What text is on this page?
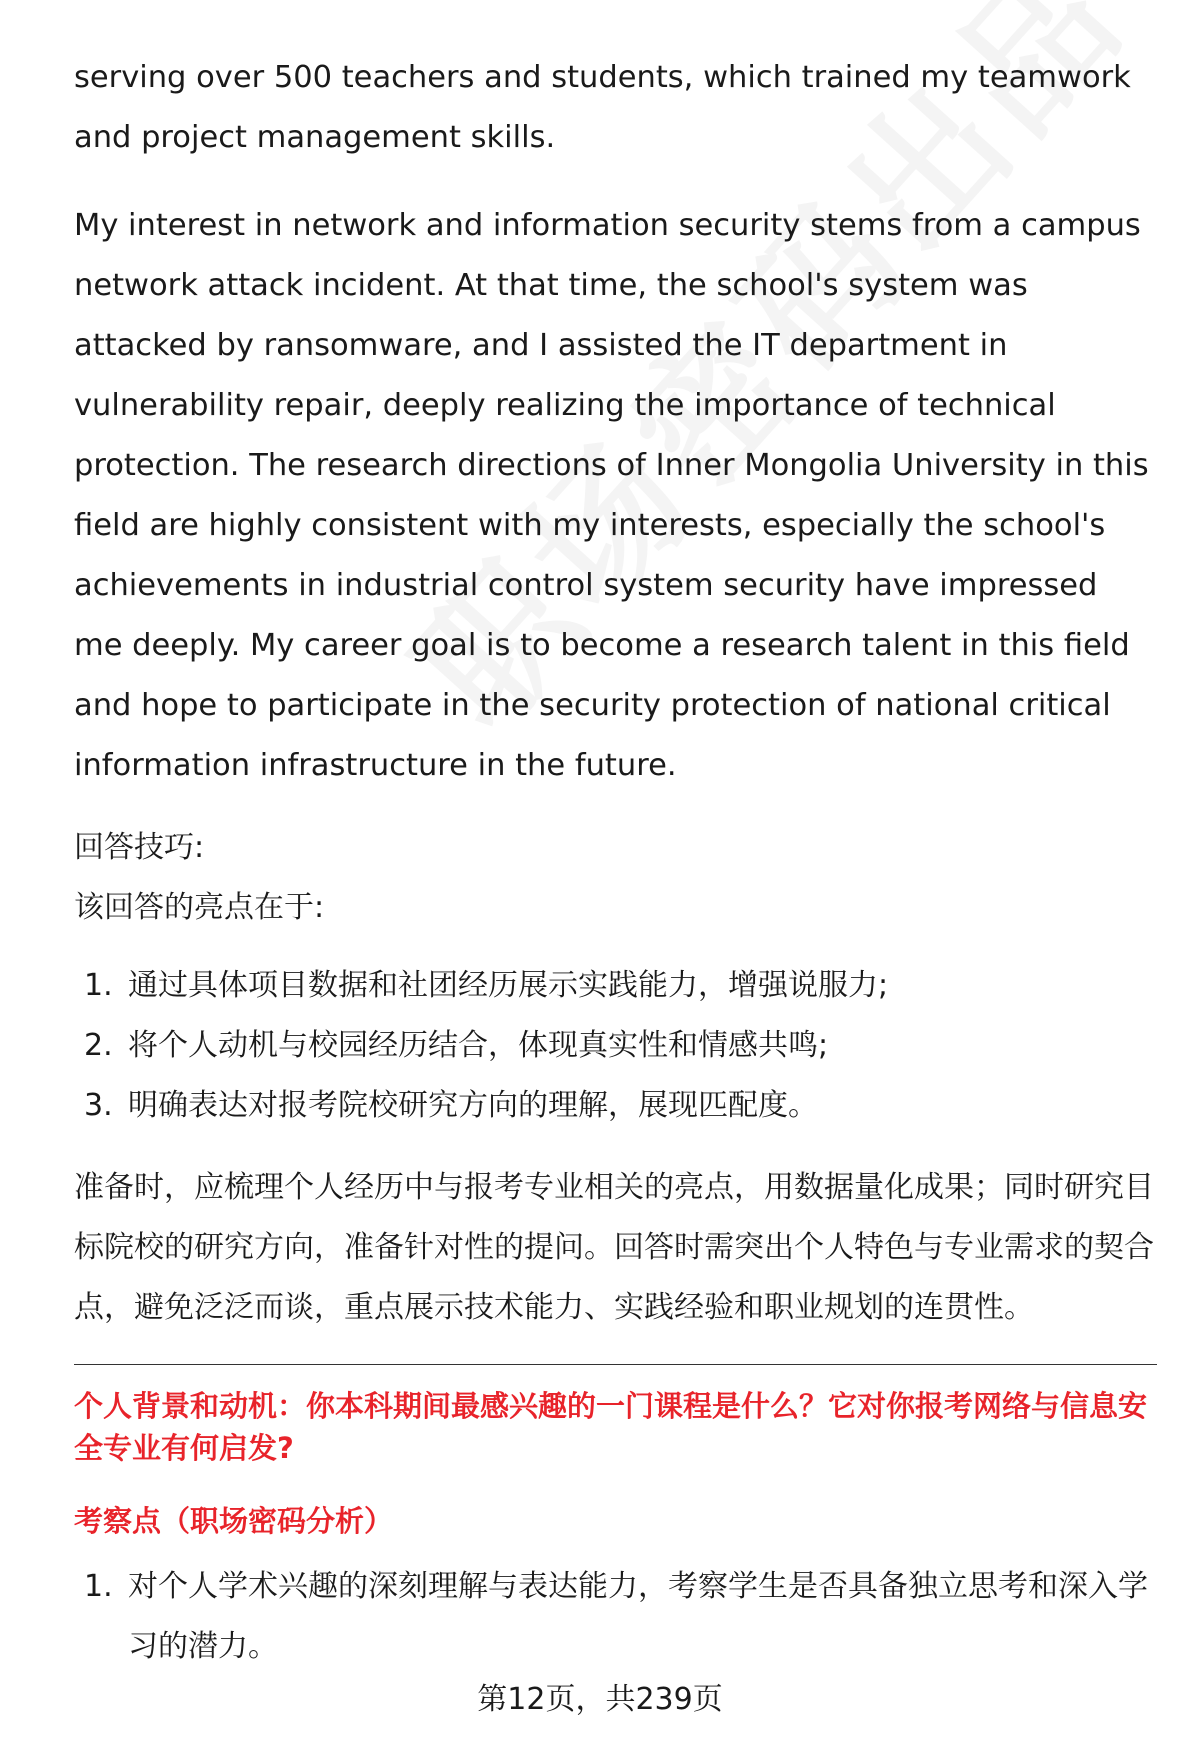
serving over 500 teachers and students, which trained my teamwork and project management skills.

My interest in network and information security stems from a campus network attack incident. At that time, the school's system was attacked by ransomware, and I assisted the IT department in vulnerability repair, deeply realizing the importance of technical protection. The research directions of Inner Mongolia University in this field are highly consistent with my interests, especially the school's achievements in industrial control system security have impressed me deeply. My career goal is to become a research talent in this field and hope to participate in the security protection of national critical information infrastructure in the future.

回答技巧:

该回答的亮点在于:

1. 通过具体项目数据和社团经历展示实践能力，增强说服力;
2. 将个人动机与校园经历结合，体现真实性和情感共鸣;
3. 明确表达对报考院校研究方向的理解，展现匹配度。

准备时，应梳理个人经历中与报考专业相关的亮点，用数据量化成果；同时研究目标院校的研究方向，准备针对性的提问。回答时需突出个人特色与专业需求的契合点，避免泛泛而谈，重点展示技术能力、实践经验和职业规划的连贯性。

个人背景和动机：你本科期间最感兴趣的一门课程是什么？它对你报考网络与信息安全专业有何启发?

考察点（职场密码分析）

1. 对个人学术兴趣的深刻理解与表达能力，考察学生是否具备独立思考和深入学习的潜力。
第12页，共239页
